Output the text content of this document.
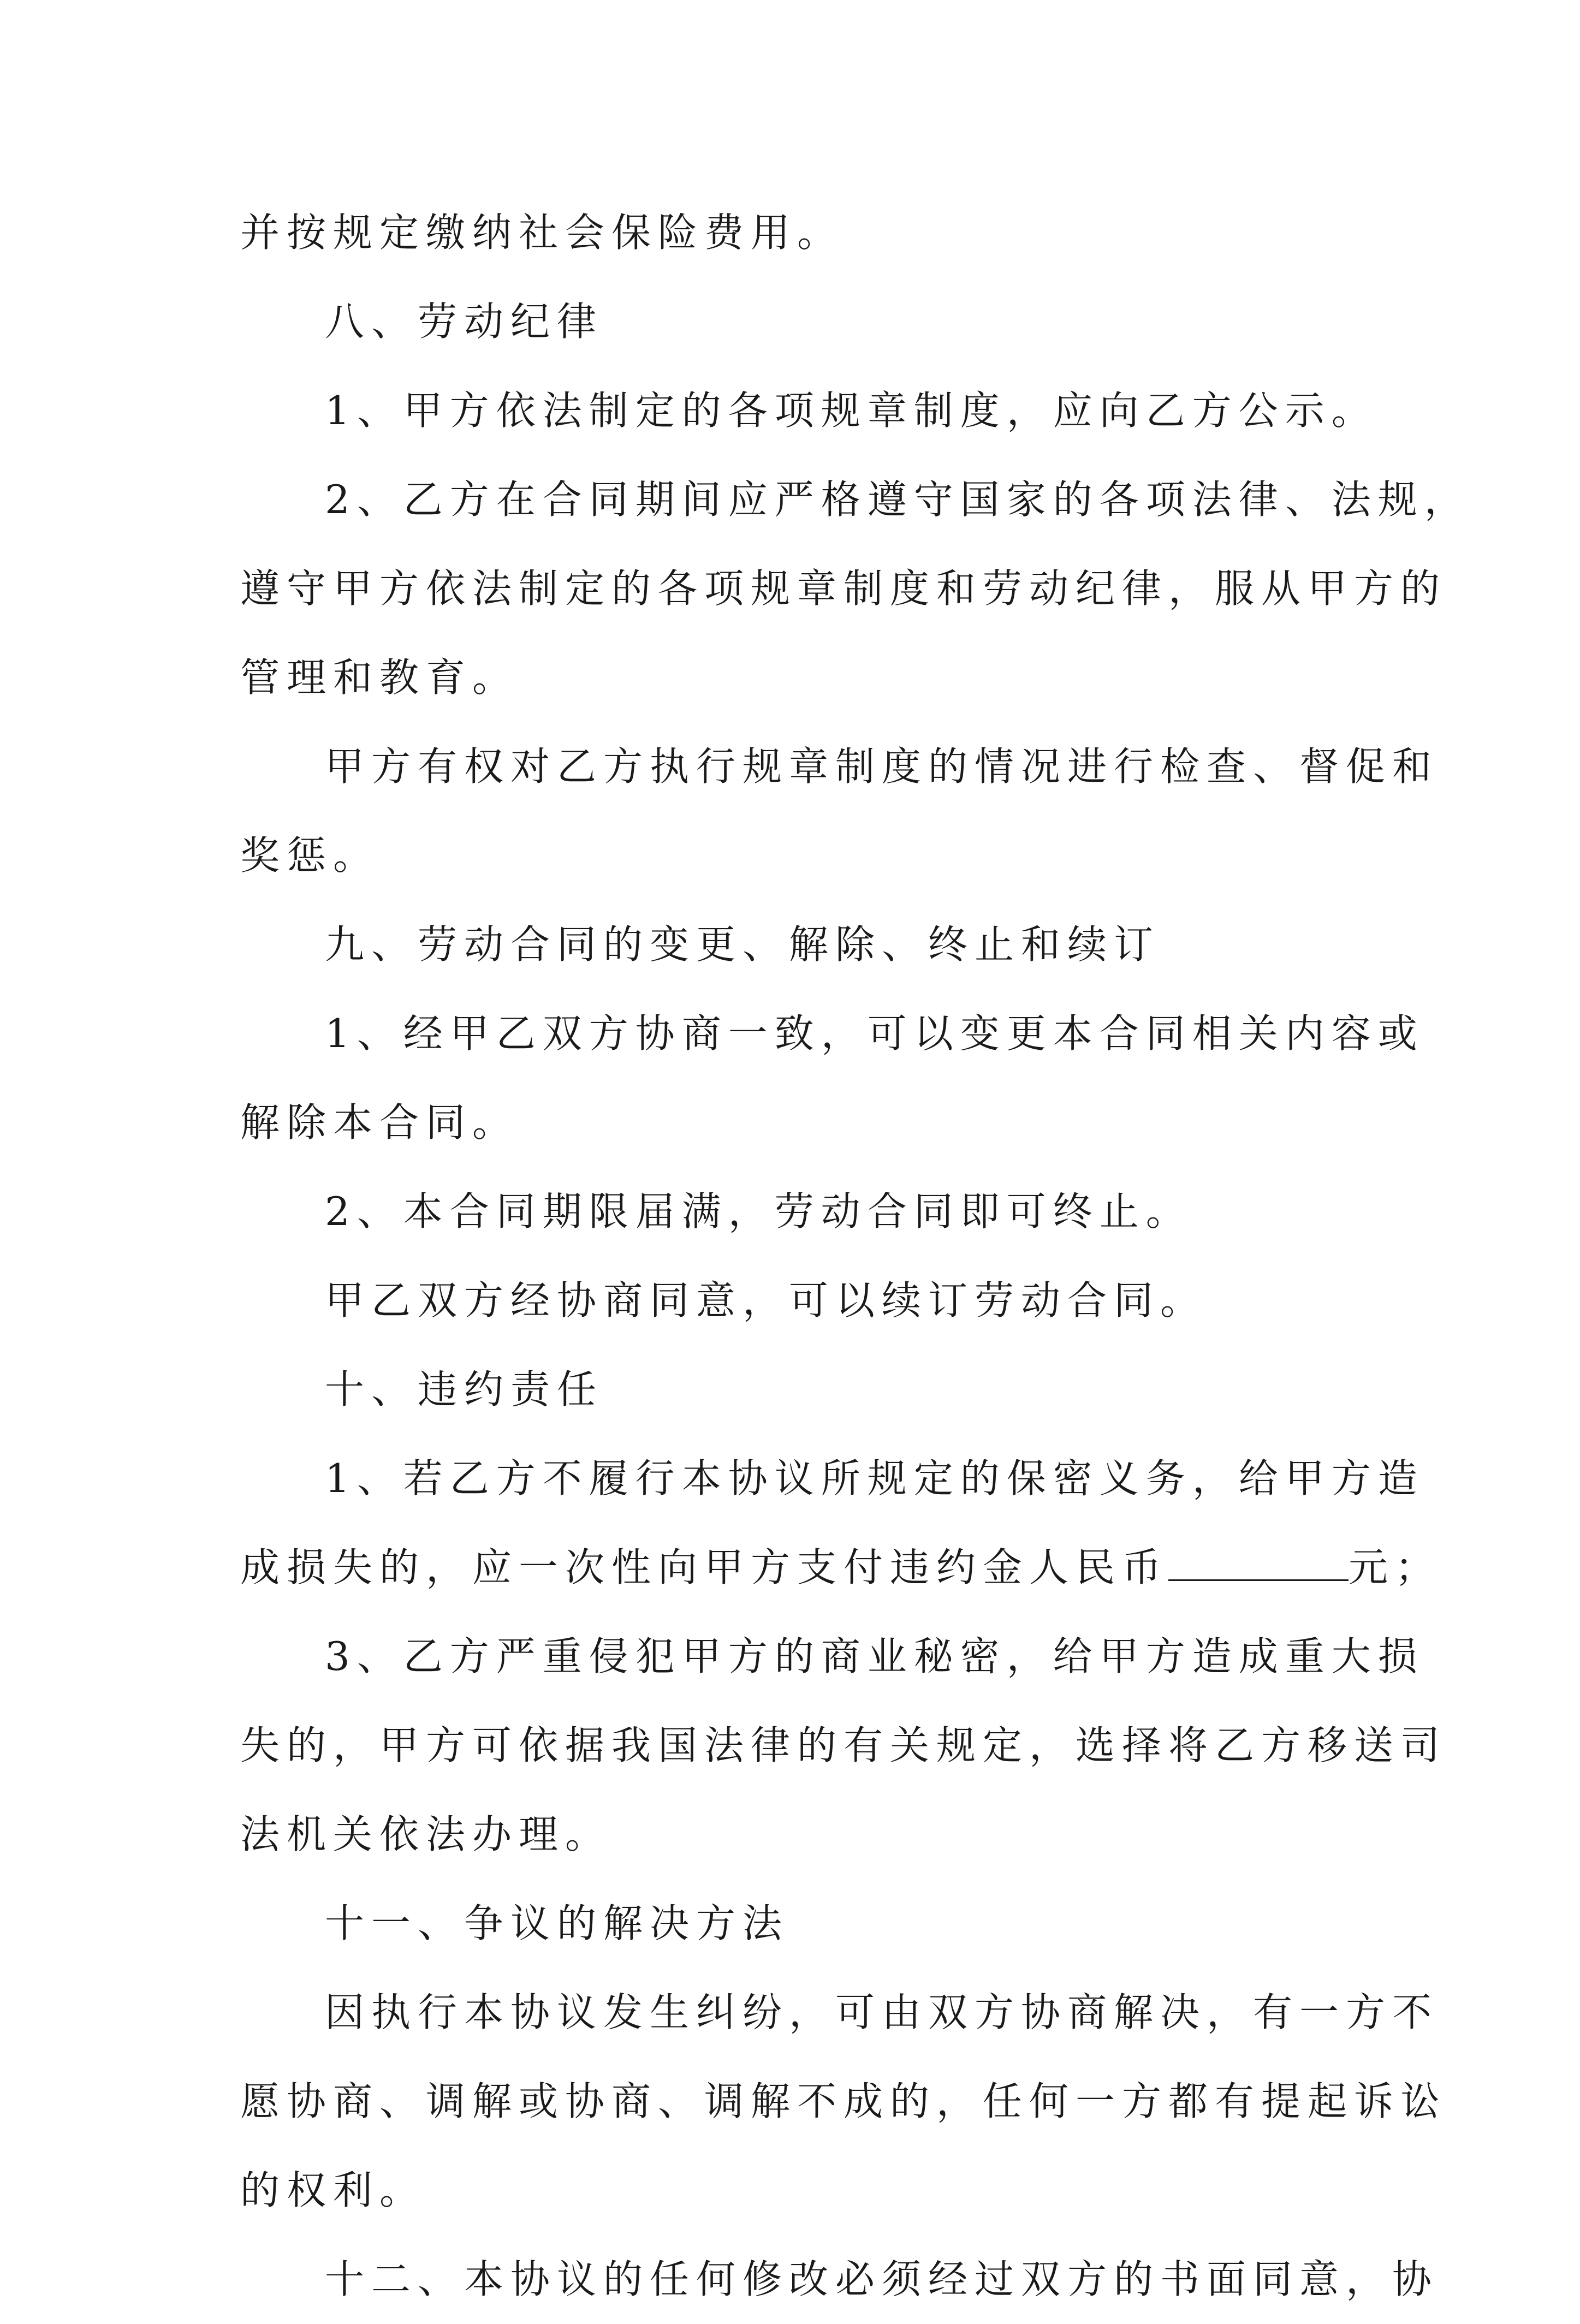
并按规定缴纳社会保险费用。

八、劳动纪律

1、甲方依法制定的各项规章制度，应向乙方公示。

2、乙方在合同期间应严格遵守国家的各项法律、法规，

遵守甲方依法制定的各项规章制度和劳动纪律，服从甲方的

管理和教育。

甲方有权对乙方执行规章制度的情况进行检查、督促和

奖惩。

九、劳动合同的变更、解除、终止和续订

1、经甲乙双方协商一致，可以变更本合同相关内容或

解除本合同。

2、本合同期限届满，劳动合同即可终止。

甲乙双方经协商同意，可以续订劳动合同。

十、违约责任

1、若乙方不履行本协议所规定的保密义务，给甲方造

成损失的，应一次性向甲方支付违约金人民币	元；

3、乙方严重侵犯甲方的商业秘密，给甲方造成重大损

失的，甲方可依据我国法律的有关规定，选择将乙方移送司

法机关依法办理。

十一、争议的解决方法

因执行本协议发生纠纷，可由双方协商解决，有一方不

愿协商、调解或协商、调解不成的，任何一方都有提起诉讼

的权利。

十二、本协议的任何修改必须经过双方的书面同意，协
